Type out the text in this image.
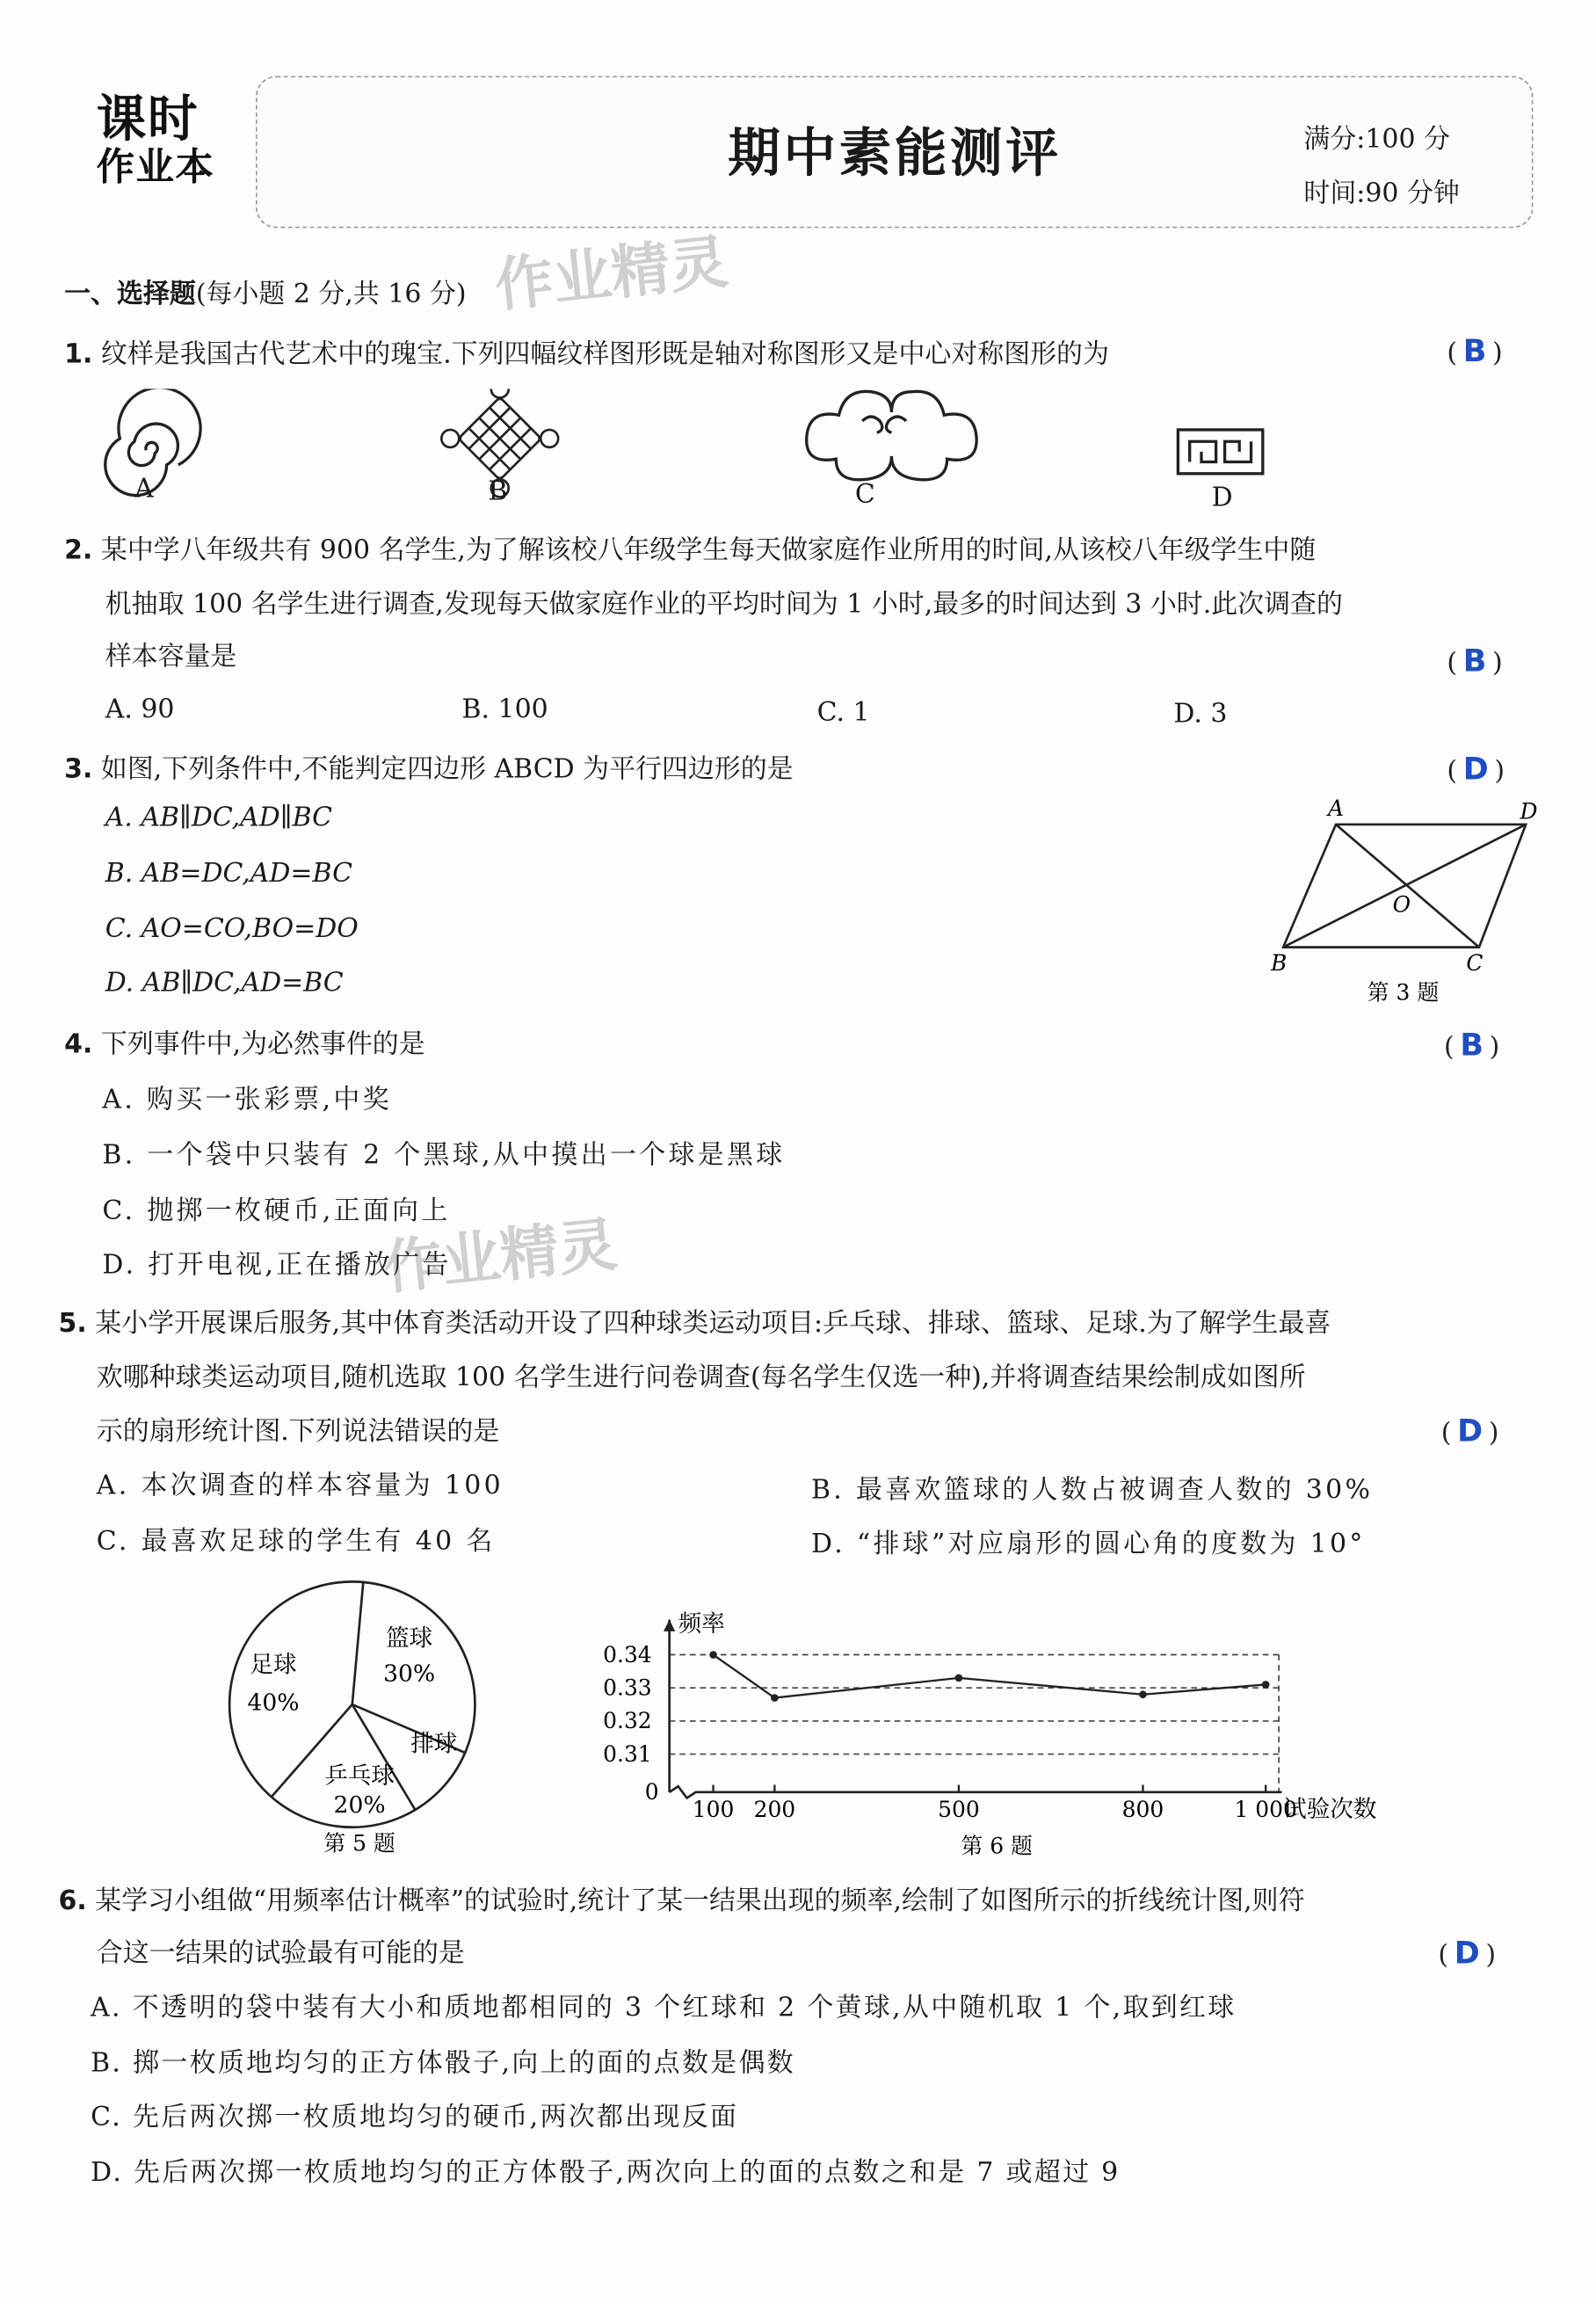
课时
作业本	期中素能测评	满分:100 分
时间:90 分钟
作业精灵
作业精灵
一、选择题(每小题 2 分,共 16 分)
1. 纹样是我国古代艺术中的瑰宝.下列四幅纹样图形既是轴对称图形又是中心对称图形的为	( B )
A	B	C	D
2. 某中学八年级共有 900 名学生,为了解该校八年级学生每天做家庭作业所用的时间,从该校八年级学生中随
机抽取 100 名学生进行调查,发现每天做家庭作业的平均时间为 1 小时,最多的时间达到 3 小时.此次调查的
样本容量是	( B )
A. 90	B. 100	C. 1	D. 3
3. 如图,下列条件中,不能判定四边形 ABCD 为平行四边形的是	( D )
A. AB∥DC,AD∥BC
B. AB=DC,AD=BC
C. AO=CO,BO=DO
D. AB∥DC,AD=BC
A	D
O
B	C
第 3 题
4. 下列事件中,为必然事件的是	( B )
A. 购买一张彩票,中奖
B. 一个袋中只装有 2 个黑球,从中摸出一个球是黑球
C. 抛掷一枚硬币,正面向上
D. 打开电视,正在播放广告
5. 某小学开展课后服务,其中体育类活动开设了四种球类运动项目:乒乓球、排球、篮球、足球.为了解学生最喜
欢哪种球类运动项目,随机选取 100 名学生进行问卷调查(每名学生仅选一种),并将调查结果绘制成如图所
示的扇形统计图.下列说法错误的是	( D )
A. 本次调查的样本容量为 100	B. 最喜欢篮球的人数占被调查人数的 30%
C. 最喜欢足球的学生有 40 名	D. “排球”对应扇形的圆心角的度数为 10°
足球
40%
篮球
30%
排球
乒乓球
20%
第 5 题
0.31
0.32
0.33
0.34
100 200	500	800	1 000
频率
试验次数
0
第 6 题
6. 某学习小组做“用频率估计概率”的试验时,统计了某一结果出现的频率,绘制了如图所示的折线统计图,则符
合这一结果的试验最有可能的是	( D )
A. 不透明的袋中装有大小和质地都相同的 3 个红球和 2 个黄球,从中随机取 1 个,取到红球
B. 掷一枚质地均匀的正方体骰子,向上的面的点数是偶数
C. 先后两次掷一枚质地均匀的硬币,两次都出现反面
D. 先后两次掷一枚质地均匀的正方体骰子,两次向上的面的点数之和是 7 或超过 9
